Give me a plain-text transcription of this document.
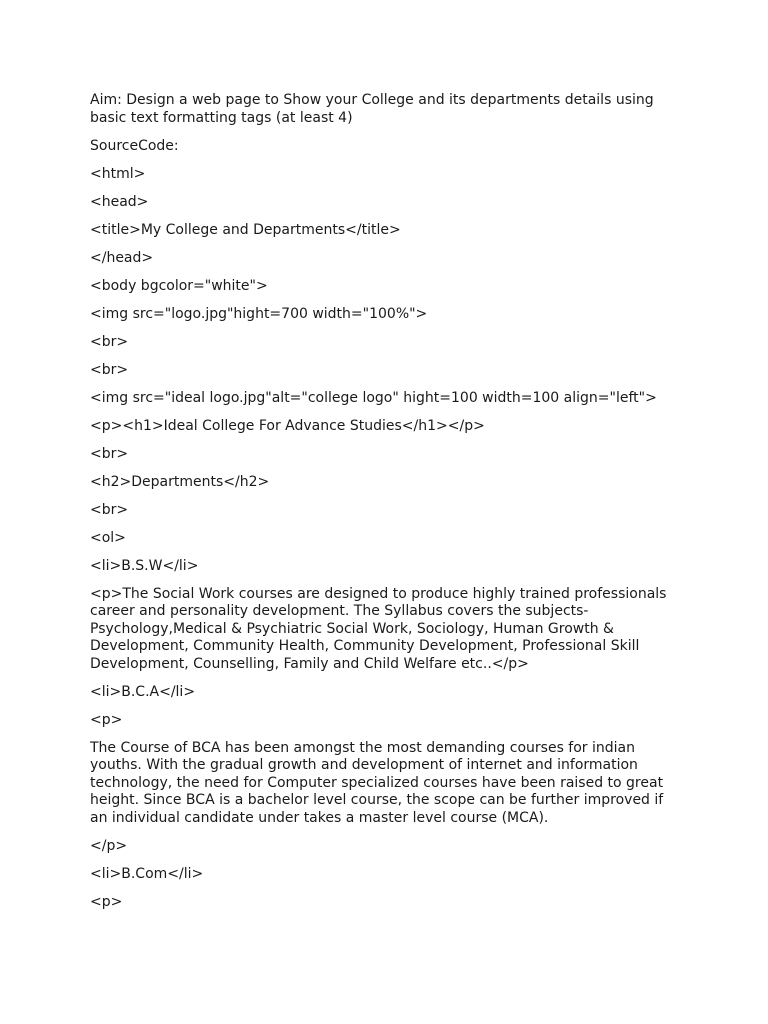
Aim: Design a web page to Show your College and its departments details using basic text formatting tags (at least 4)

SourceCode:

<html>

<head>

<title>My College and Departments</title>

</head>

<body bgcolor="white">

<img src="logo.jpg"hight=700 width="100%">

<br>

<br>

<img src="ideal logo.jpg"alt="college logo" hight=100 width=100 align="left">

<p><h1>Ideal College For Advance Studies</h1></p>

<br>

<h2>Departments</h2>

<br>

<ol>

<li>B.S.W</li>

<p>The Social Work courses are designed to produce highly trained professionals career and personality development. The Syllabus covers the subjects-Psychology,Medical & Psychiatric Social Work, Sociology, Human Growth & Development, Community Health, Community Development, Professional Skill Development, Counselling, Family and Child Welfare etc..</p>

<li>B.C.A</li>

<p>

The Course of BCA has been amongst the most demanding courses for indian youths. With the gradual growth and development of internet and information technology, the need for Computer specialized courses have been raised to great height. Since BCA is a bachelor level course, the scope can be further improved if an individual candidate under takes a master level course (MCA).

</p>

<li>B.Com</li>

<p>
